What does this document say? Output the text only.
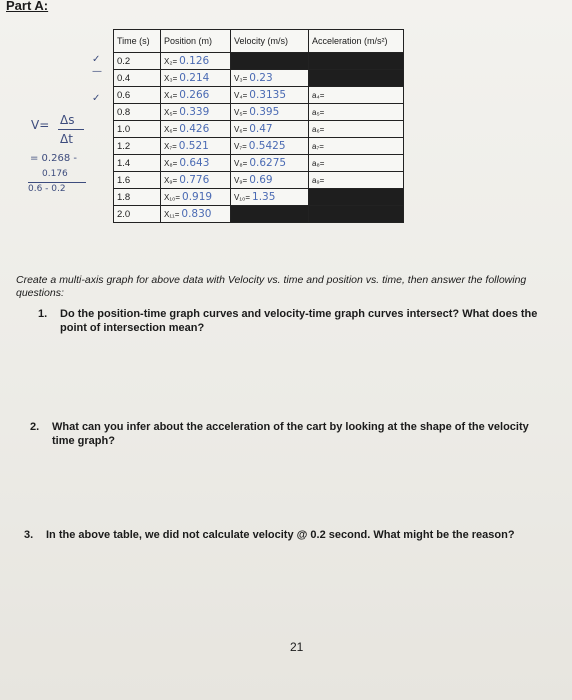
Part A:
V= Δs
Δt
= 0.268 -
0.176
0.6 - 0.2
✓
—
✓
Time (s)	Position (m)	Velocity (m/s)	Acceleration (m/s²)
0.2	X₂= 0.126		
0.4	X₃= 0.214	V₃= 0.23	
0.6	X₄= 0.266	V₄= 0.3135	a₄=
0.8	X₅= 0.339	V₅= 0.395	a₅=
1.0	X₆= 0.426	V₆= 0.47	a₆=
1.2	X₇= 0.521	V₇= 0.5425	a₇=
1.4	X₈= 0.643	V₈= 0.6275	a₈=
1.6	X₉= 0.776	V₉= 0.69	a₉=
1.8	X₁₀= 0.919	V₁₀= 1.35	
2.0	X₁₁= 0.830		
Create a multi-axis graph for above data with Velocity vs. time and position vs. time, then answer the following questions:
1.	Do the position-time graph curves and velocity-time graph curves intersect? What does the point of intersection mean?
2.	What can you infer about the acceleration of the cart by looking at the shape of the velocity time graph?
3.	In the above table, we did not calculate velocity @ 0.2 second. What might be the reason?
21
